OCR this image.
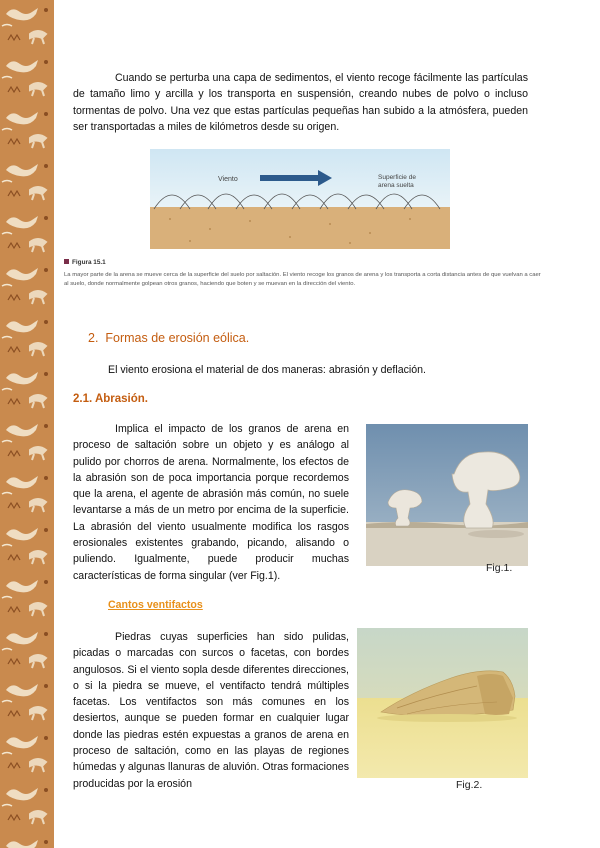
Cuando se perturba una capa de sedimentos, el viento recoge fácilmente las partículas de tamaño limo y arcilla y los transporta en suspensión, creando nubes de polvo o incluso tormentas de polvo. Una vez que estas partículas pequeñas han subido a la atmósfera, pueden ser transportadas a miles de kilómetros desde su origen.

Viento	Superficie de
arena suelta
Figura 15.1

La mayor parte de la arena se mueve cerca de la superficie del suelo por saltación. El viento recoge los granos de arena y los transporta a corta distancia antes de que vuelvan a caer al suelo, donde normalmente golpean otros granos, haciendo que boten y se muevan en la dirección del viento.

2. Formas de erosión eólica.

El viento erosiona el material de dos maneras: abrasión y deflación.

2.1. Abrasión.

Implica el impacto de los granos de arena en proceso de saltación sobre un objeto y es análogo al pulido por chorros de arena. Normalmente, los efectos de la abrasión son de poca importancia porque recordemos que la arena, el agente de abrasión más común, no suele levantarse a más de un metro por encima de la superficie. La abrasión del viento usualmente modifica los rasgos erosionales existentes grabando, picando, alisando o puliendo. Igualmente, puede producir muchas características de forma singular (ver Fig.1).

Fig.1.
Cantos ventifactos

Piedras cuyas superficies han sido pulidas, picadas o marcadas con surcos o facetas, con bordes angulosos. Si el viento sopla desde diferentes direcciones, o si la piedra se mueve, el ventifacto tendrá múltiples facetas. Los ventifactos son más comunes en los desiertos, aunque se pueden formar en cualquier lugar donde las piedras estén expuestas a granos de arena en proceso de saltación, como en las playas de regiones húmedas y algunas llanuras de aluvión. Otras formaciones producidas por la erosión	Fig.2.
